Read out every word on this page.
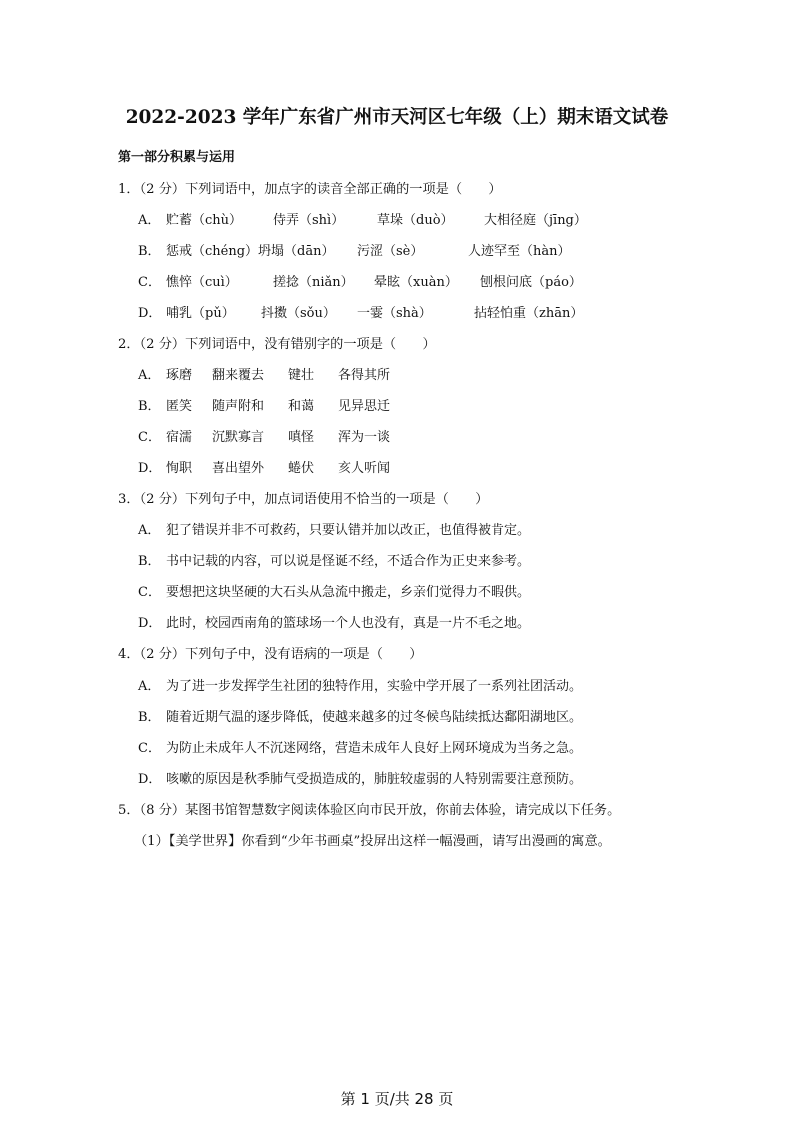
2022-2023 学年广东省广州市天河区七年级（上）期末语文试卷
第一部分积累与运用
1．（2 分）下列词语中，加点字的读音全部正确的一项是（　　）
A． 贮蓄（chù） 侍弄（shì）	草垛（duò） 大相径庭（jīng）
B． 惩戒（chéng） 坍塌（dān） 污涩（sè）	人迹罕至（hàn）
C． 憔悴（cuì）	搓捻（niǎn） 晕眩（xuàn） 刨根问底（páo）
D． 哺乳（pǔ） 抖擞（sǒu） 一霎（shà）	拈轻怕重（zhān）
2．（2 分）下列词语中，没有错别字的一项是（　　）
A． 琢磨 翻来覆去 键壮 各得其所
B． 匿笑 随声附和 和蔼 见异思迁
C． 宿濡 沉默寡言 嗔怪 浑为一谈
D． 恂职 喜出望外 蜷伏 亥人听闻
3．（2 分）下列句子中，加点词语使用不恰当的一项是（　　）
A． 犯了错误并非不可救药，只要认错并加以改正，也值得被肯定。
B． 书中记载的内容，可以说是怪诞不经，不适合作为正史来参考。
C． 要想把这块坚硬的大石头从急流中搬走，乡亲们觉得力不暇供。
D． 此时，校园西南角的篮球场一个人也没有，真是一片不毛之地。
4．（2 分）下列句子中，没有语病的一项是（　　）
A． 为了进一步发挥学生社团的独特作用，实验中学开展了一系列社团活动。
B． 随着近期气温的逐步降低，使越来越多的过冬候鸟陆续抵达鄱阳湖地区。
C． 为防止未成年人不沉迷网络，营造未成年人良好上网环境成为当务之急。
D． 咳嗽的原因是秋季肺气受损造成的，肺脏较虚弱的人特别需要注意预防。
5．（8 分）某图书馆智慧数字阅读体验区向市民开放，你前去体验，请完成以下任务。
（1）【美学世界】你看到“少年书画桌”投屏出这样一幅漫画，请写出漫画的寓意。
第 1 页/共 28 页
